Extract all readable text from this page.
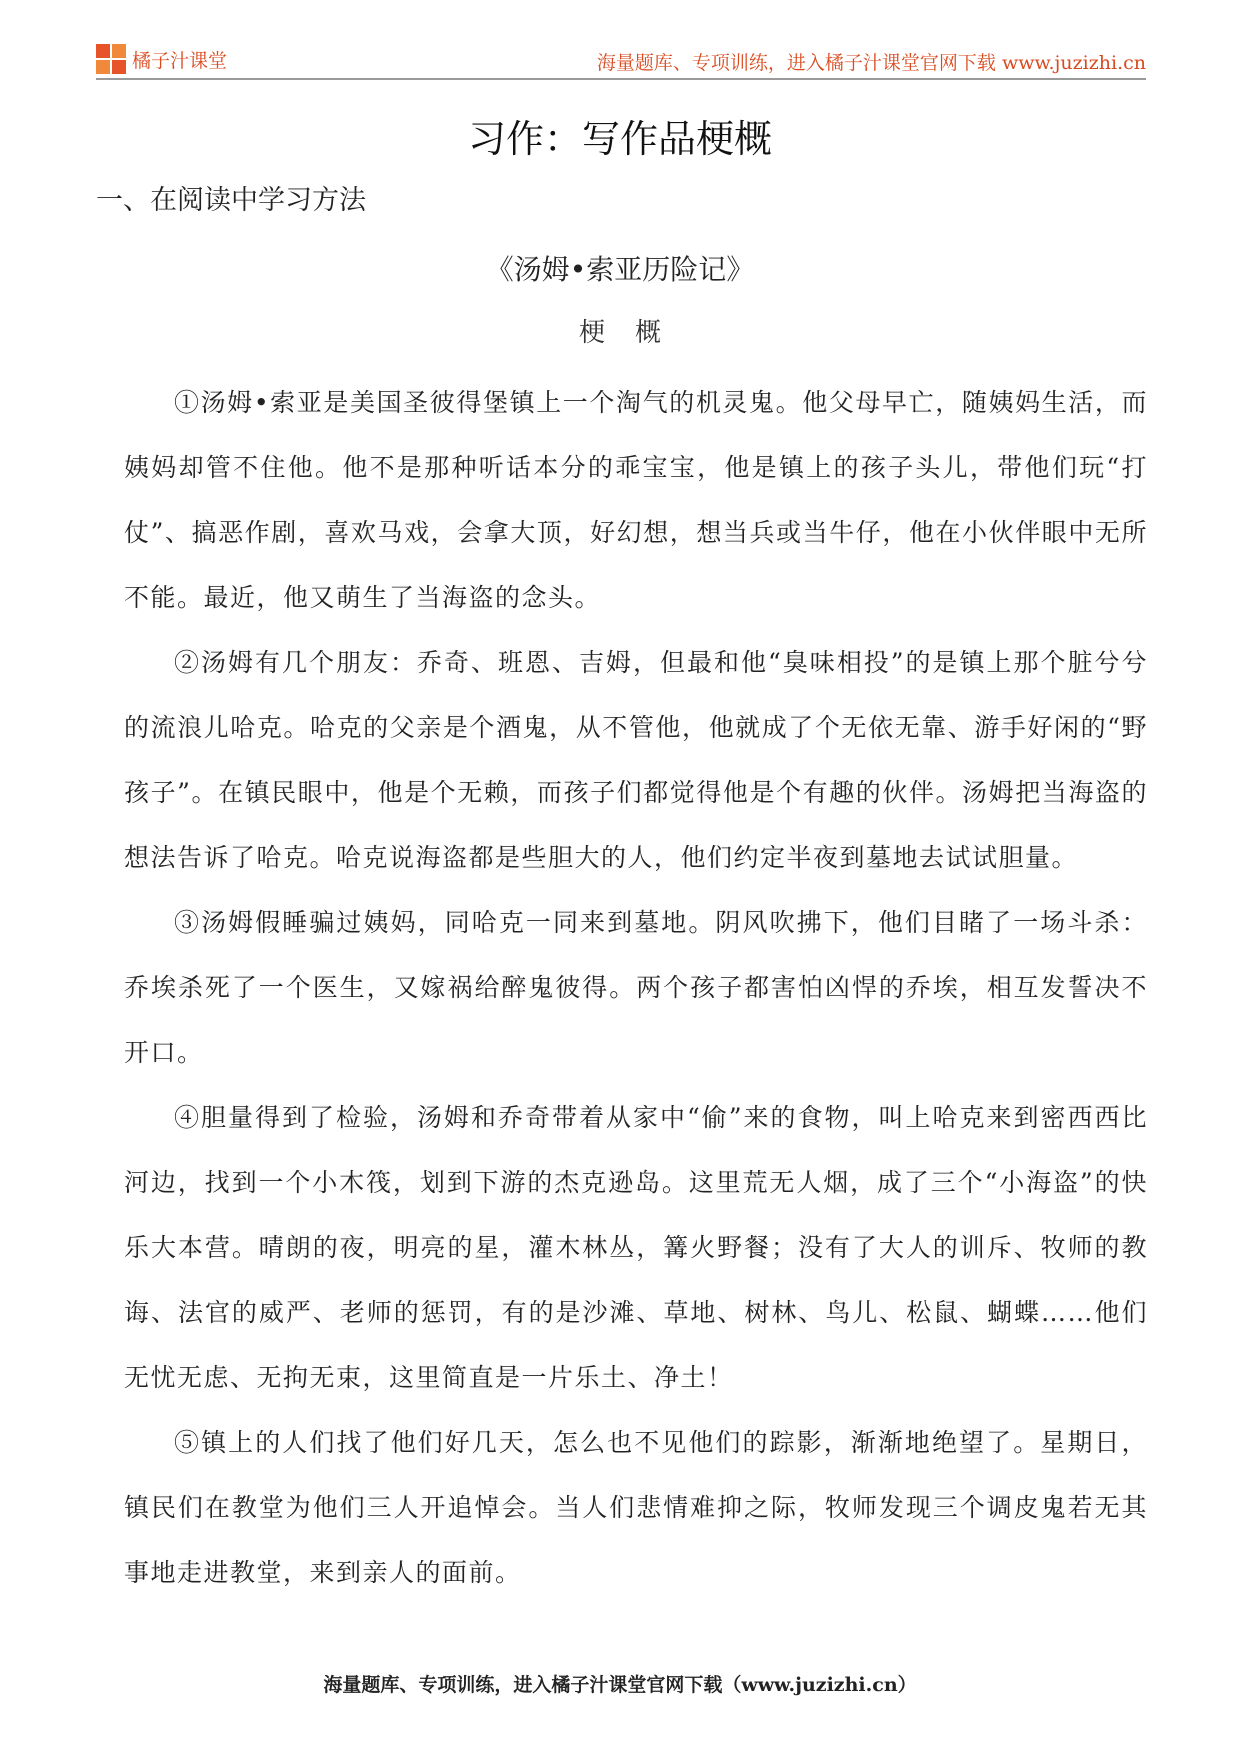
橘子汁课堂	海量题库、专项训练，进入橘子汁课堂官网下载 www.juzizhi.cn
习作：写作品梗概
一、在阅读中学习方法
《汤姆•索亚历险记》
梗概

①汤姆•索亚是美国圣彼得堡镇上一个淘气的机灵鬼。他父母早亡，随姨妈生活，而姨妈却管不住他。他不是那种听话本分的乖宝宝，他是镇上的孩子头儿，带他们玩“打仗”、搞恶作剧，喜欢马戏，会拿大顶，好幻想，想当兵或当牛仔，他在小伙伴眼中无所不能。最近，他又萌生了当海盗的念头。

②汤姆有几个朋友：乔奇、班恩、吉姆，但最和他“臭味相投”的是镇上那个脏兮兮的流浪儿哈克。哈克的父亲是个酒鬼，从不管他，他就成了个无依无靠、游手好闲的“野孩子”。在镇民眼中，他是个无赖，而孩子们都觉得他是个有趣的伙伴。汤姆把当海盗的想法告诉了哈克。哈克说海盗都是些胆大的人，他们约定半夜到墓地去试试胆量。

③汤姆假睡骗过姨妈，同哈克一同来到墓地。阴风吹拂下，他们目睹了一场斗杀：乔埃杀死了一个医生，又嫁祸给醉鬼彼得。两个孩子都害怕凶悍的乔埃，相互发誓决不开口。

④胆量得到了检验，汤姆和乔奇带着从家中“偷”来的食物，叫上哈克来到密西西比河边，找到一个小木筏，划到下游的杰克逊岛。这里荒无人烟，成了三个“小海盗”的快乐大本营。晴朗的夜，明亮的星，灌木林丛，篝火野餐；没有了大人的训斥、牧师的教诲、法官的威严、老师的惩罚，有的是沙滩、草地、树林、鸟儿、松鼠、蝴蝶……他们无忧无虑、无拘无束，这里简直是一片乐土、净土！

⑤镇上的人们找了他们好几天，怎么也不见他们的踪影，渐渐地绝望了。星期日，镇民们在教堂为他们三人开追悼会。当人们悲情难抑之际，牧师发现三个调皮鬼若无其事地走进教堂，来到亲人的面前。

海量题库、专项训练，进入橘子汁课堂官网下载（www.juzizhi.cn）
